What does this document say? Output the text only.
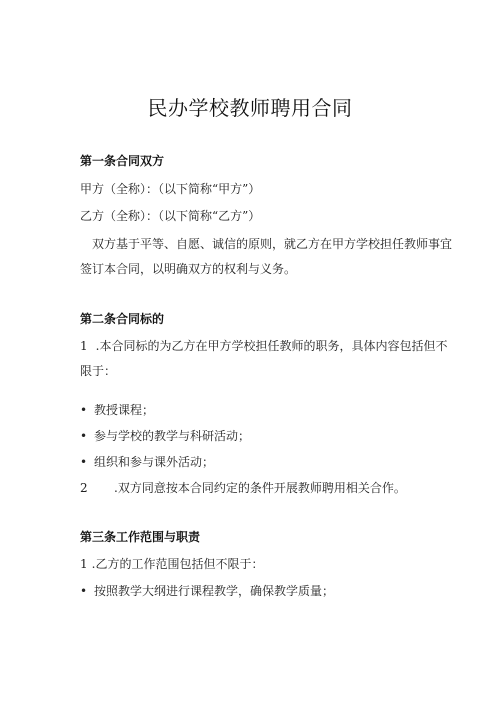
民办学校教师聘用合同
第一条合同双方
甲方（全称）：（以下简称“甲方”）
乙方（全称）：（以下简称“乙方”）
双方基于平等、自愿、诚信的原则，就乙方在甲方学校担任教师事宜
签订本合同，以明确双方的权利与义务。
第二条合同标的
1 .本合同标的为乙方在甲方学校担任教师的职务，具体内容包括但不
限于：
• 教授课程；
• 参与学校的教学与科研活动；
• 组织和参与课外活动；
2 .双方同意按本合同约定的条件开展教师聘用相关合作。
第三条工作范围与职责
1 .乙方的工作范围包括但不限于：
• 按照教学大纲进行课程教学，确保教学质量；
